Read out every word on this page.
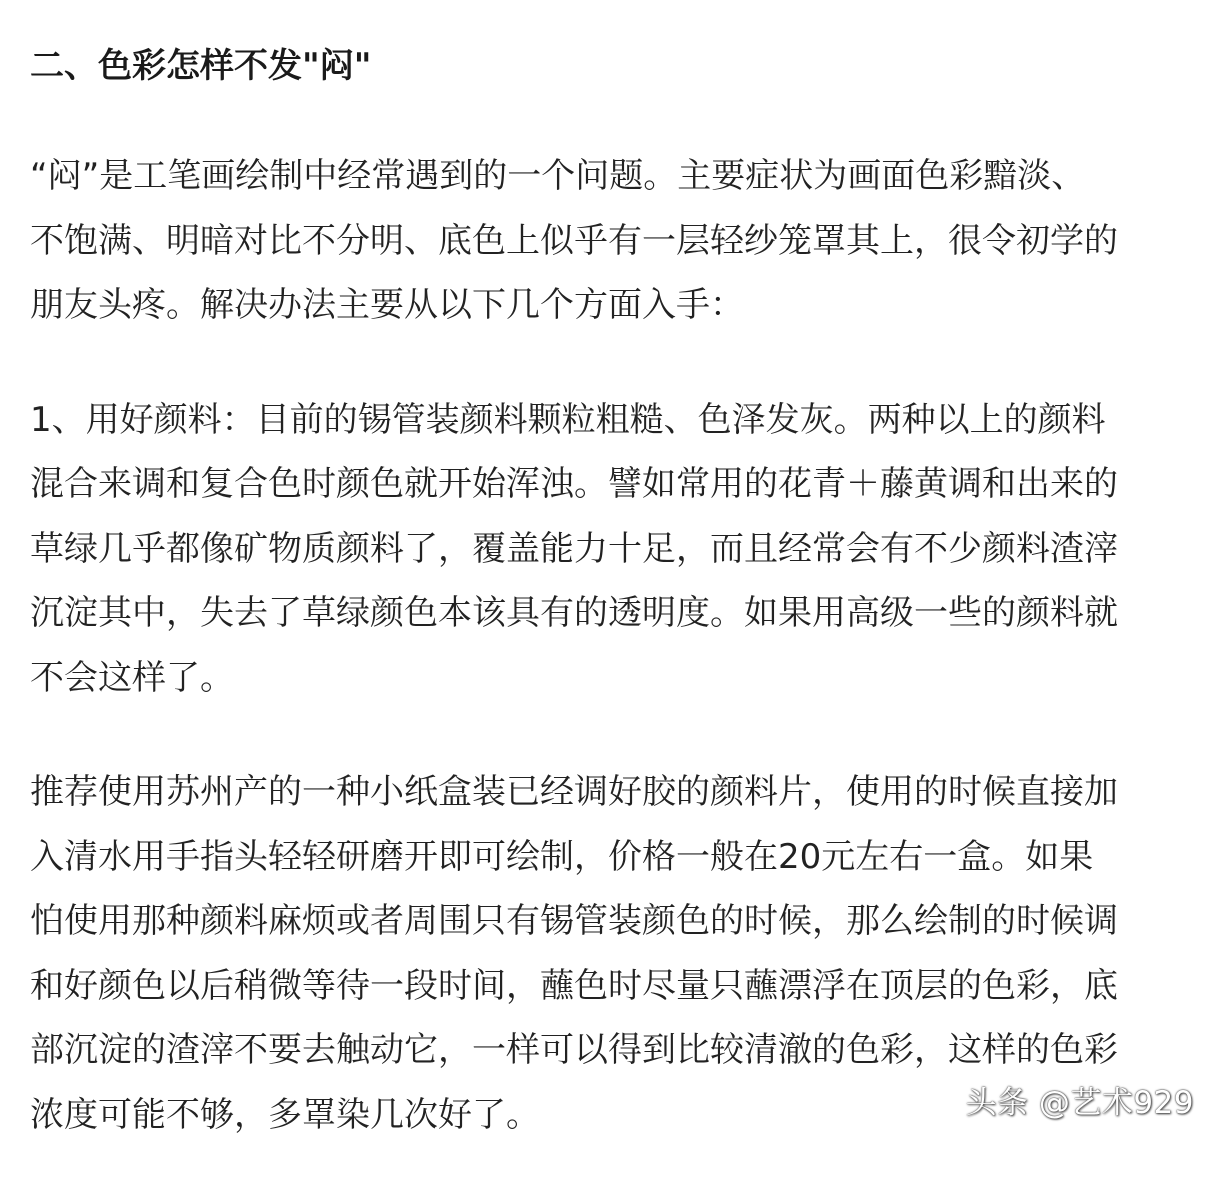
二、色彩怎样不发"闷"
“闷”是工笔画绘制中经常遇到的一个问题。主要症状为画面色彩黯淡、
不饱满、明暗对比不分明、底色上似乎有一层轻纱笼罩其上，很令初学的
朋友头疼。解决办法主要从以下几个方面入手：
1、用好颜料：目前的锡管装颜料颗粒粗糙、色泽发灰。两种以上的颜料
混合来调和复合色时颜色就开始浑浊。譬如常用的花青＋藤黄调和出来的
草绿几乎都像矿物质颜料了，覆盖能力十足，而且经常会有不少颜料渣滓
沉淀其中，失去了草绿颜色本该具有的透明度。如果用高级一些的颜料就
不会这样了。
推荐使用苏州产的一种小纸盒装已经调好胶的颜料片，使用的时候直接加
入清水用手指头轻轻研磨开即可绘制，价格一般在20元左右一盒。如果
怕使用那种颜料麻烦或者周围只有锡管装颜色的时候，那么绘制的时候调
和好颜色以后稍微等待一段时间，蘸色时尽量只蘸漂浮在顶层的色彩，底
部沉淀的渣滓不要去触动它，一样可以得到比较清澈的色彩，这样的色彩
浓度可能不够，多罩染几次好了。	头条 @艺术929
